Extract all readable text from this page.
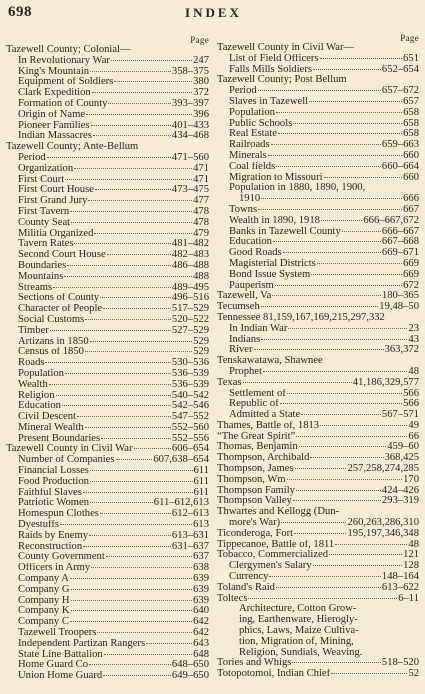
698	INDEX
Page
Tazewell County; Colonial—
In Revolutionary War	247
King's Mountain	358–375
Equipment of Soldiers	380
Clark Expedition	372
Formation of County	393–397
Origin of Name	396
Pioneer Families	401–433
Indian Massacres	434–468
Tazewell County; Ante-Bellum
Period	471–560
Organization	471
First Court	471
First Court House	473–475
First Grand Jury	477
First Tavern	478
County Seat	478
Militia Organized	479
Tavern Rates	481–482
Second Court House	482–483
Boundaries	486–488
Mountains	488
Streams	489–495
Sections of County	496–516
Character of People	517–529
Social Customs	520–522
Timber	527–529
Artizans in 1850	529
Census of 1850	529
Roads	530–536
Population	536–539
Wealth	536–539
Religion	540–542
Education	542–546
Civil Descent	547–552
Mineral Wealth	552–560
Present Boundaries	552–556
Tazewell County in Civil War	606–654
Number of Companies	607,638–654
Financial Losses	611
Food Production	611
Faithful Slaves	611
Patriotic Women	611–612,613
Homespun Clothes	612–613
Dyestuffs	613
Raids by Enemy	613–631
Reconstruction	631–637
County Government	637
Officers in Army	638
Company A	639
Company G	639
Company H	639
Company K	640
Company C	642
Tazewell Troopers	642
Independent Partizan Rangers	643
State Line Battalion	648
Home Guard Co	648–650
Union Home Guard	649–650
Page
Tazewell County in Civil War—
List of Field Officers	651
Falls Mills Soldiers	652–654
Tazewell County; Post Bellum
Period	657–672
Slaves in Tazewell	657
Population	658
Public Schools	658
Real Estate	658
Railroads	659–663
Minerals	660
Coal fields	660–664
Migration to Missouri	660
Population in 1880, 1890, 1900,
1910	666
Towns	667
Wealth in 1890, 1918	666–667,672
Banks in Tazewell County	666–667
Education	667–668
Good Roads	669–671
Magisterial Districts	669
Bond Issue System	669
Pauperism	672
Tazewell, Va	180–365
Tecumseh	19,48–50
Tennessee 81,159,167,169,215,297,332
In Indian War	23
Indians	43
River	363,372
Tenskawatawa, Shawnee
Prophet	48
Texas	41,186,329,577
Settlement of	566
Republic of	566
Admitted a State	567–571
Thames, Battle of, 1813	49
“The Great Spirit”	66
Thomas, Benjamin	459–60
Thompson, Archibald	368,425
Thompson, James	257,258,274,285
Thompson, Wm	170
Thompson Family	424–426
Thompson Valley	293–319
Thwartes and Kellogg (Dun-
more's War)	260,263,286,310
Ticonderoga, Fort	195,197,346,348
Tippecanoe, Battle of, 1811	48
Tobacco, Commercialized	121
Clergymen's Salary	128
Currency	148–164
Toland's Raid	613–622
Toltecs	6–11
Architecture, Cotton Grow-
ing, Earthenware, Hierogly-
phics, Laws, Maize Cultiva-
tion, Migration of, Mining,
Religion, Sundials, Weaving.
Tories and Whigs	518–520
Totopotomoi, Indian Chief	52
